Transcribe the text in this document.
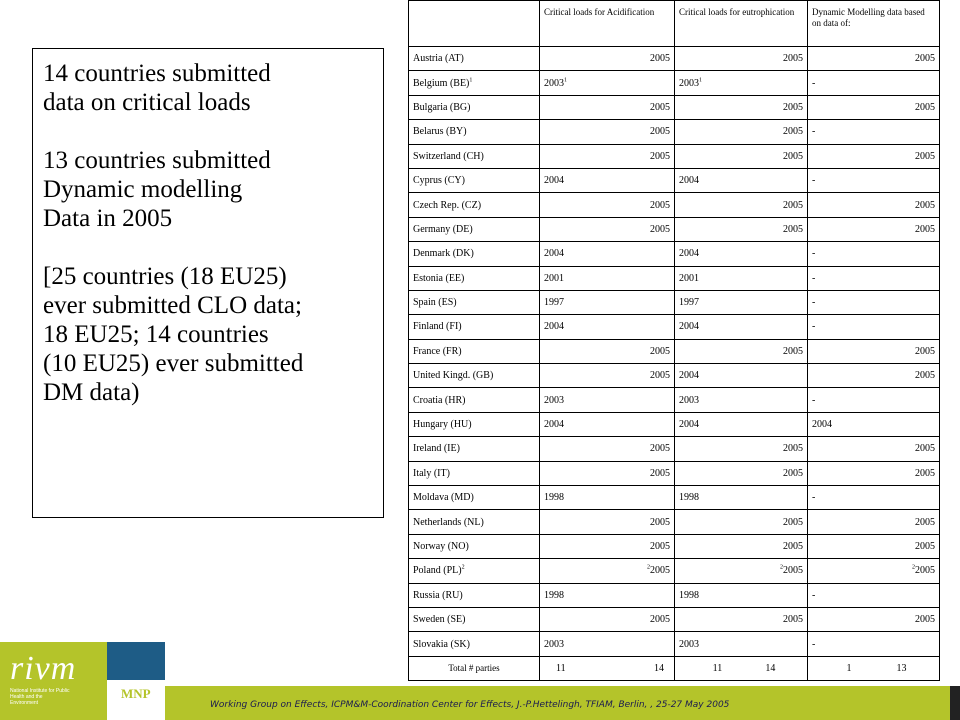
14 countries submitted
data on critical loads
13 countries submitted
Dynamic modelling
Data in 2005
[25 countries (18 EU25)
ever submitted CLO data;
18 EU25; 14 countries
(10 EU25) ever submitted
DM data)
	Critical loads for Acidification	Critical loads for eutrophication	Dynamic Modelling data based on data of:
Austria (AT)	2005	2005	2005
Belgium (BE)$^1$	2003$^1$	2003$^1$	-
Bulgaria (BG)	2005	2005	2005
Belarus (BY)	2005	2005	-
Switzerland (CH)	2005	2005	2005
Cyprus (CY)	2004	2004	-
Czech Rep. (CZ)	2005	2005	2005
Germany (DE)	2005	2005	2005
Denmark (DK)	2004	2004	-
Estonia (EE)	2001	2001	-
Spain (ES)	1997	1997	-
Finland (FI)	2004	2004	-
France (FR)	2005	2005	2005
United Kingd. (GB)	2005	2004	2005
Croatia (HR)	2003	2003	-
Hungary (HU)	2004	2004	2004
Ireland (IE)	2005	2005	2005
Italy (IT)	2005	2005	2005
Moldava (MD)	1998	1998	-
Netherlands (NL)	2005	2005	2005
Norway (NO)	2005	2005	2005
Poland (PL)$^2$	$^2$2005	$^2$2005	$^2$2005
Russia (RU)	1998	1998	-
Sweden (SE)	2005	2005	2005
Slovakia (SK)	2003	2003	-
Total # parties	11 14	11 14	1 13
rivm
National Institute for Public Health and the Environment
MNP
Working Group on Effects, ICPM&M-Coordination Center for Effects, J.-P.Hettelingh, TFIAM, Berlin, , 25-27 May 2005
